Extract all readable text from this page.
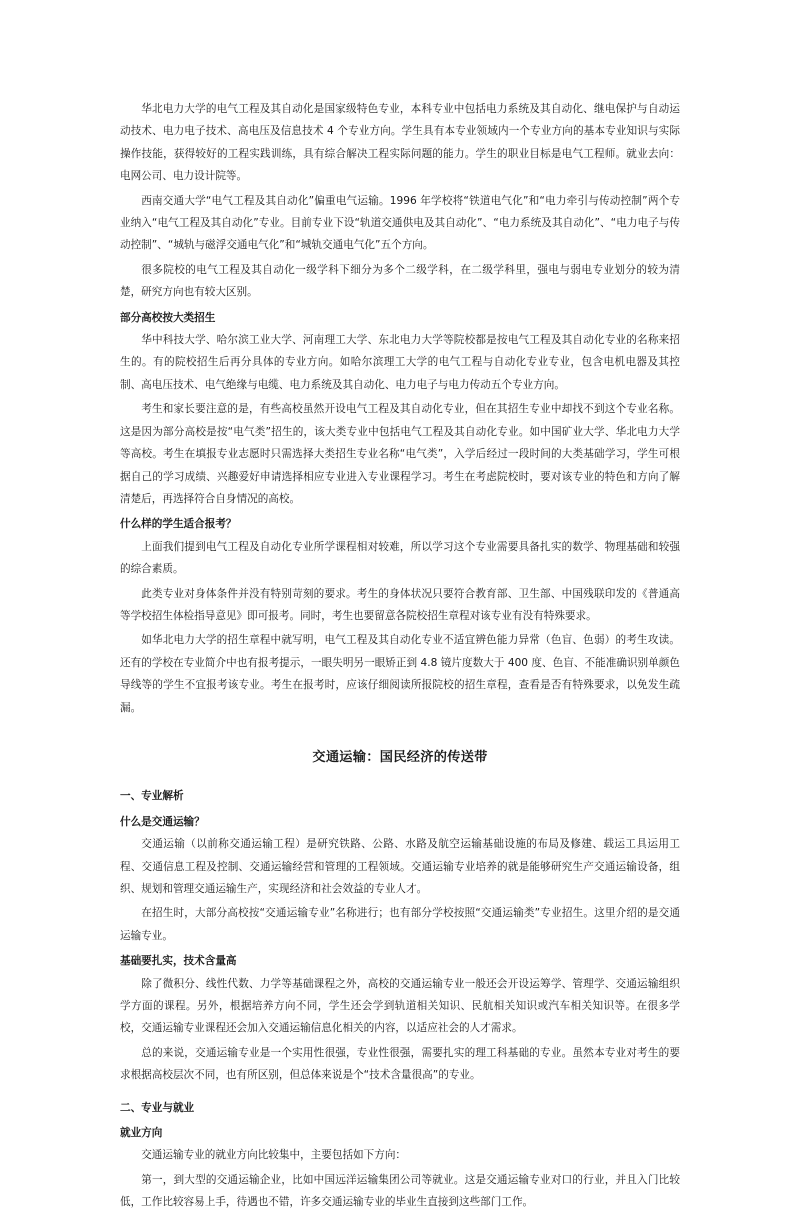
华北电力大学的电气工程及其自动化是国家级特色专业，本科专业中包括电力系统及其自动化、继电保护与自动运动技术、电力电子技术、高电压及信息技术 4 个专业方向。学生具有本专业领域内一个专业方向的基本专业知识与实际操作技能，获得较好的工程实践训练，具有综合解决工程实际问题的能力。学生的职业目标是电气工程师。就业去向：电网公司、电力设计院等。

西南交通大学“电气工程及其自动化”偏重电气运输。1996 年学校将“铁道电气化”和“电力牵引与传动控制”两个专业纳入“电气工程及其自动化”专业。目前专业下设“轨道交通供电及其自动化”、“电力系统及其自动化”、“电力电子与传动控制”、“城轨与磁浮交通电气化”和“城轨交通电气化”五个方向。

很多院校的电气工程及其自动化一级学科下细分为多个二级学科，在二级学科里，强电与弱电专业划分的较为清楚，研究方向也有较大区别。

部分高校按大类招生

华中科技大学、哈尔滨工业大学、河南理工大学、东北电力大学等院校都是按电气工程及其自动化专业的名称来招生的。有的院校招生后再分具体的专业方向。如哈尔滨理工大学的电气工程与自动化专业专业，包含电机电器及其控制、高电压技术、电气绝缘与电缆、电力系统及其自动化、电力电子与电力传动五个专业方向。

考生和家长要注意的是，有些高校虽然开设电气工程及其自动化专业，但在其招生专业中却找不到这个专业名称。这是因为部分高校是按“电气类”招生的，该大类专业中包括电气工程及其自动化专业。如中国矿业大学、华北电力大学等高校。考生在填报专业志愿时只需选择大类招生专业名称“电气类”，入学后经过一段时间的大类基础学习，学生可根据自己的学习成绩、兴趣爱好申请选择相应专业进入专业课程学习。考生在考虑院校时，要对该专业的特色和方向了解清楚后，再选择符合自身情况的高校。

什么样的学生适合报考？

上面我们提到电气工程及自动化专业所学课程相对较难，所以学习这个专业需要具备扎实的数学、物理基础和较强的综合素质。

此类专业对身体条件并没有特别苛刻的要求。考生的身体状况只要符合教育部、卫生部、中国残联印发的《普通高等学校招生体检指导意见》即可报考。同时，考生也要留意各院校招生章程对该专业有没有特殊要求。

如华北电力大学的招生章程中就写明，电气工程及其自动化专业不适宜辨色能力异常（色盲、色弱）的考生攻读。还有的学校在专业简介中也有报考提示，一眼失明另一眼矫正到 4.8 镜片度数大于 400 度、色盲、不能准确识别单颜色导线等的学生不宜报考该专业。考生在报考时，应该仔细阅读所报院校的招生章程，查看是否有特殊要求，以免发生疏漏。

交通运输：国民经济的传送带
一、专业解析
什么是交通运输？

交通运输（以前称交通运输工程）是研究铁路、公路、水路及航空运输基础设施的布局及修建、载运工具运用工程、交通信息工程及控制、交通运输经营和管理的工程领域。交通运输专业培养的就是能够研究生产交通运输设备，组织、规划和管理交通运输生产，实现经济和社会效益的专业人才。

在招生时，大部分高校按“交通运输专业”名称进行；也有部分学校按照“交通运输类”专业招生。这里介绍的是交通运输专业。

基础要扎实，技术含量高

除了微积分、线性代数、力学等基础课程之外，高校的交通运输专业一般还会开设运筹学、管理学、交通运输组织学方面的课程。另外，根据培养方向不同，学生还会学到轨道相关知识、民航相关知识或汽车相关知识等。在很多学校，交通运输专业课程还会加入交通运输信息化相关的内容，以适应社会的人才需求。

总的来说，交通运输专业是一个实用性很强，专业性很强，需要扎实的理工科基础的专业。虽然本专业对考生的要求根据高校层次不同，也有所区别，但总体来说是个“技术含量很高”的专业。

二、专业与就业
就业方向

交通运输专业的就业方向比较集中，主要包括如下方向：

第一，到大型的交通运输企业，比如中国远洋运输集团公司等就业。这是交通运输专业对口的行业，并且入门比较低，工作比较容易上手，待遇也不错，许多交通运输专业的毕业生直接到这些部门工作。
